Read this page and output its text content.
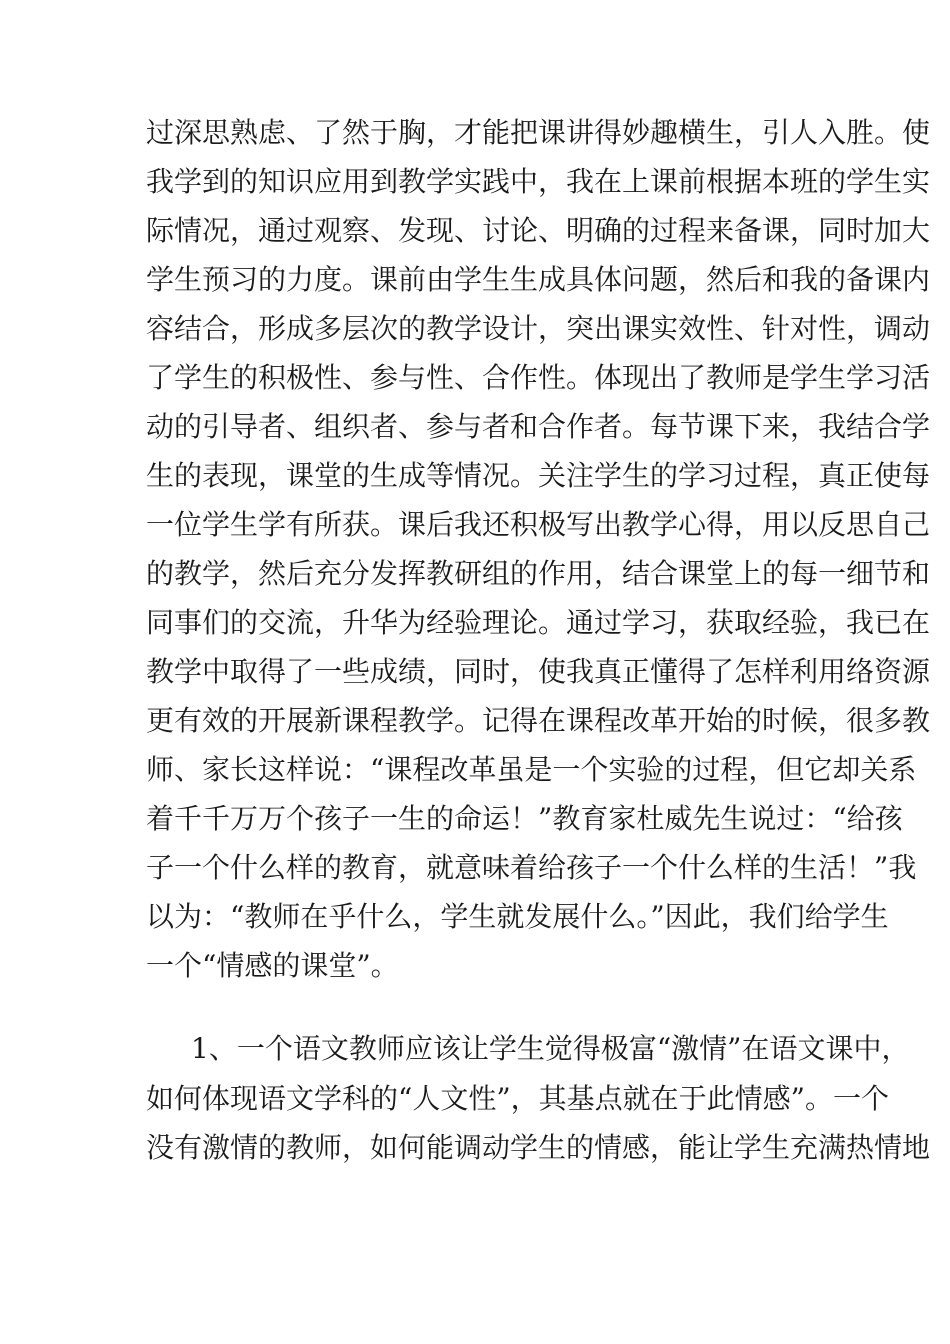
过深思熟虑、了然于胸，才能把课讲得妙趣横生，引人入胜。使
我学到的知识应用到教学实践中，我在上课前根据本班的学生实
际情况，通过观察、发现、讨论、明确的过程来备课，同时加大
学生预习的力度。课前由学生生成具体问题，然后和我的备课内
容结合，形成多层次的教学设计，突出课实效性、针对性，调动
了学生的积极性、参与性、合作性。体现出了教师是学生学习活
动的引导者、组织者、参与者和合作者。每节课下来，我结合学
生的表现，课堂的生成等情况。关注学生的学习过程，真正使每
一位学生学有所获。课后我还积极写出教学心得，用以反思自己
的教学，然后充分发挥教研组的作用，结合课堂上的每一细节和
同事们的交流，升华为经验理论。通过学习，获取经验，我已在
教学中取得了一些成绩，同时，使我真正懂得了怎样利用络资源
更有效的开展新课程教学。记得在课程改革开始的时候，很多教
师、家长这样说：“课程改革虽是一个实验的过程，但它却关系
着千千万万个孩子一生的命运！”教育家杜威先生说过：“给孩
子一个什么样的教育，就意味着给孩子一个什么样的生活！”我
以为：“教师在乎什么，学生就发展什么。”因此，我们给学生
一个“情感的课堂”。
1、一个语文教师应该让学生觉得极富“激情”在语文课中，
如何体现语文学科的“人文性”，其基点就在于此情感”。一个
没有激情的教师，如何能调动学生的情感，能让学生充满热情地
